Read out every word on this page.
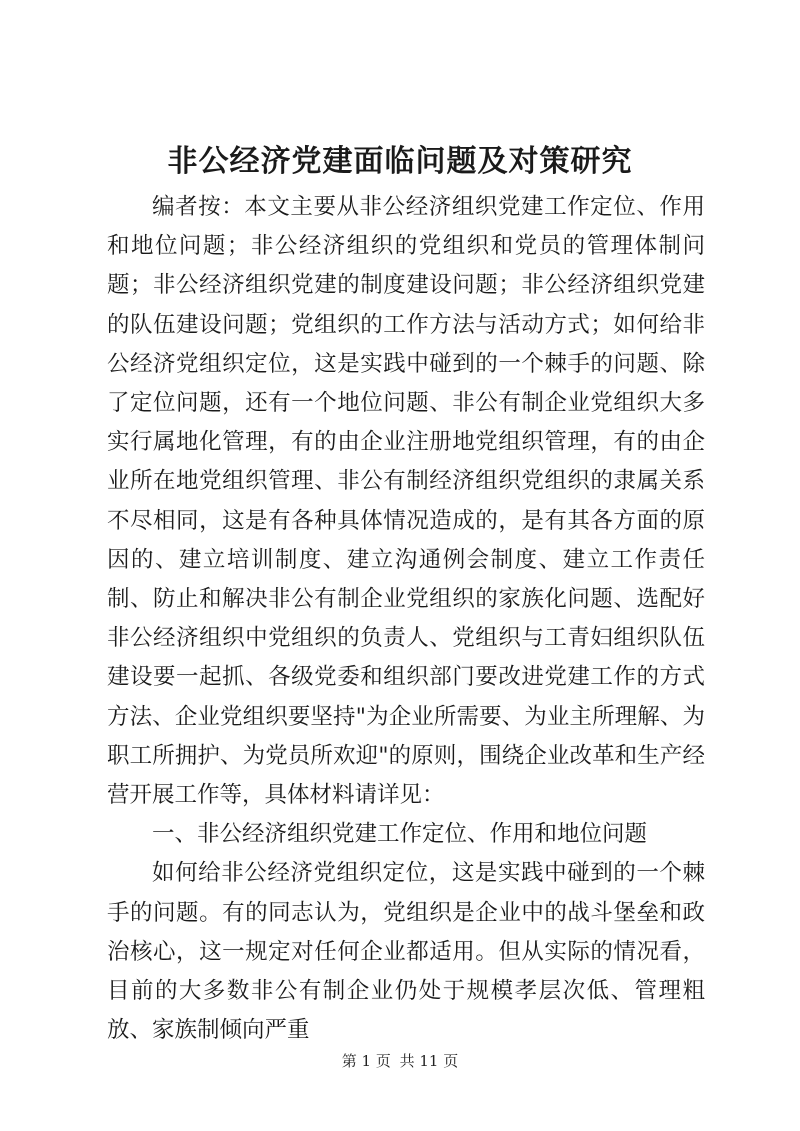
非公经济党建面临问题及对策研究

编者按：本文主要从非公经济组织党建工作定位、作用和地位问题；非公经济组织的党组织和党员的管理体制问题；非公经济组织党建的制度建设问题；非公经济组织党建的队伍建设问题；党组织的工作方法与活动方式；如何给非公经济党组织定位，这是实践中碰到的一个棘手的问题、除了定位问题，还有一个地位问题、非公有制企业党组织大多实行属地化管理，有的由企业注册地党组织管理，有的由企业所在地党组织管理、非公有制经济组织党组织的隶属关系不尽相同，这是有各种具体情况造成的，是有其各方面的原因的、建立培训制度、建立沟通例会制度、建立工作责任制、防止和解决非公有制企业党组织的家族化问题、选配好非公经济组织中党组织的负责人、党组织与工青妇组织队伍建设要一起抓、各级党委和组织部门要改进党建工作的方式方法、企业党组织要坚持"为企业所需要、为业主所理解、为职工所拥护、为党员所欢迎"的原则，围绕企业改革和生产经营开展工作等，具体材料请详见：

一、非公经济组织党建工作定位、作用和地位问题

如何给非公经济党组织定位，这是实践中碰到的一个棘手的问题。有的同志认为，党组织是企业中的战斗堡垒和政治核心，这一规定对任何企业都适用。但从实际的情况看，目前的大多数非公有制企业仍处于规模孝层次低、管理粗放、家族制倾向严重

第 1 页 共 11 页
